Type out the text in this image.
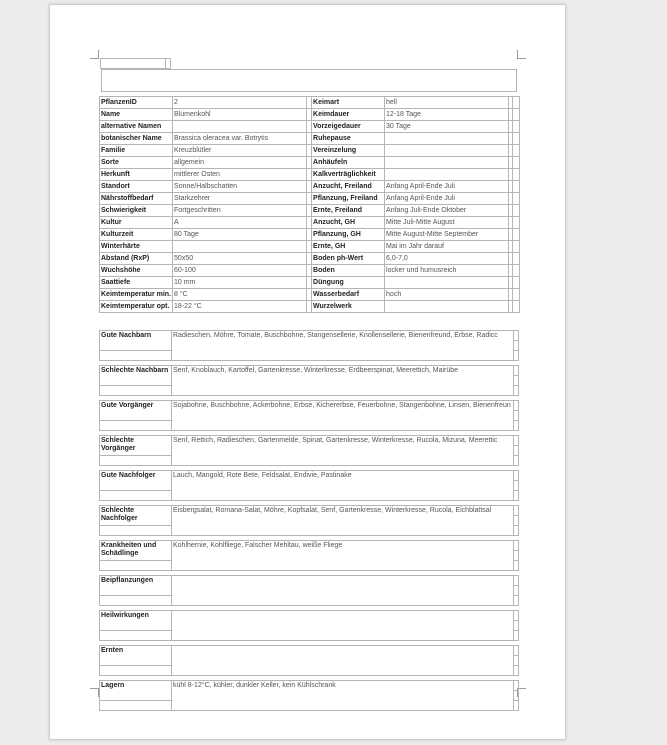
PflanzenID	2		Keimart	hell		
Name	Blumenkohl		Keimdauer	12-18 Tage		
alternative Namen			Vorzeigedauer	30 Tage		
botanischer Name	Brassica oleracea var. Botrytis		Ruhepause			
Familie	Kreuzblütler		Vereinzelung			
Sorte	allgemein		Anhäufeln			
Herkunft	mittlerer Osten		Kalkverträglichkeit			
Standort	Sonne/Halbschatten		Anzucht, Freiland	Anfang April-Ende Juli		
Nährstoffbedarf	Starkzehrer		Pflanzung, Freiland	Anfang April-Ende Juli		
Schwierigkeit	Fortgeschritten		Ernte, Freiland	Anfang Juli-Ende Oktober		
Kultur	A		Anzucht, GH	Mitte Juli-Mitte August		
Kulturzeit	80 Tage		Pflanzung, GH	Mitte August-Mitte September		
Winterhärte			Ernte, GH	Mai im Jahr darauf		
Abstand (RxP)	50x50		Boden ph-Wert	6,0-7,0		
Wuchshöhe	60-100		Boden	locker und humusreich		
Saattiefe	10 mm		Düngung			
Keimtemperatur min.	8 °C		Wasserbedarf	hoch		
Keimtemperatur opt.	18-22 °C		Wurzelwerk			
Gute Nachbarn	Radieschen, Möhre, Tomate, Buschbohne, Stangensellerie, Knollensellerie, Bienenfreund, Erbse, Radicc	

Schlechte Nachbarn	Senf, Knoblauch, Kartoffel, Gartenkresse, Winterkresse, Erdbeerspinat, Meerettich, Mairübe	

Gute Vorgänger	Sojabohne, Buschbohne, Ackerbohne, Erbse, Kichererbse, Feuerbohne, Stangenbohne, Linsen, Bienenfreun	

Schlechte Vorgänger	Senf, Rettich, Radieschen, Gartenmelde, Spinat, Gartenkresse, Winterkresse, Rucola, Mizuna, Meerettic	

Gute Nachfolger	Lauch, Mangold, Rote Bete, Feldsalat, Endivie, Pastinake	

Schlechte Nachfolger	Eisbergsalat, Romana-Salat, Möhre, Kopfsalat, Senf, Gartenkresse, Winterkresse, Rucola, Eichblattsal	

Krankheiten und Schädlinge	Kohlhernie, Kohlfliege, Falscher Mehltau, weiße Fliege	

Beipflanzungen		

Heilwirkungen		

Ernten		

Lagern	kühl 8-12°C, kühler, dunkler Keller, kein Kühlschrank	
